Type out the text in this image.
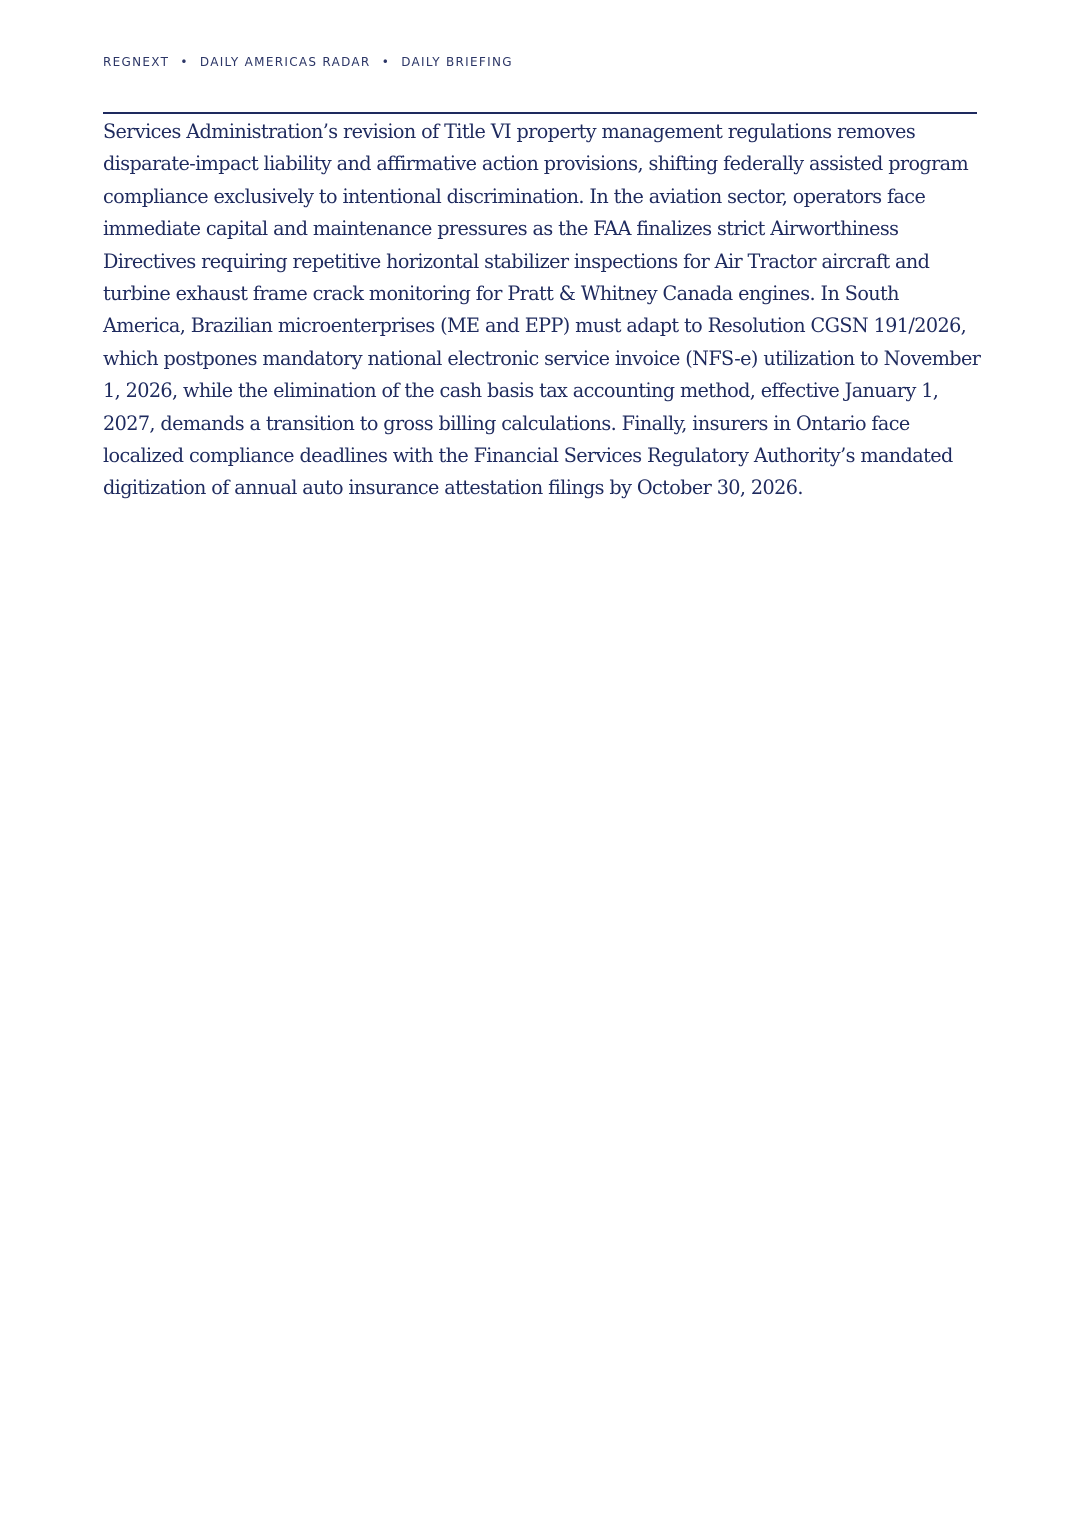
REGNEXT • DAILY AMERICAS RADAR • DAILY BRIEFING

Services Administration’s revision of Title VI property management regulations removes disparate-impact liability and affirmative action provisions, shifting federally assisted program compliance exclusively to intentional discrimination. In the aviation sector, operators face immediate capital and maintenance pressures as the FAA finalizes strict Airworthiness Directives requiring repetitive horizontal stabilizer inspections for Air Tractor aircraft and turbine exhaust frame crack monitoring for Pratt & Whitney Canada engines. In South America, Brazilian microenterprises (ME and EPP) must adapt to Resolution CGSN 191/2026, which postpones mandatory national electronic service invoice (NFS-e) utilization to November 1, 2026, while the elimination of the cash basis tax accounting method, effective January 1, 2027, demands a transition to gross billing calculations. Finally, insurers in Ontario face localized compliance deadlines with the Financial Services Regulatory Authority’s mandated digitization of annual auto insurance attestation filings by October 30, 2026.
